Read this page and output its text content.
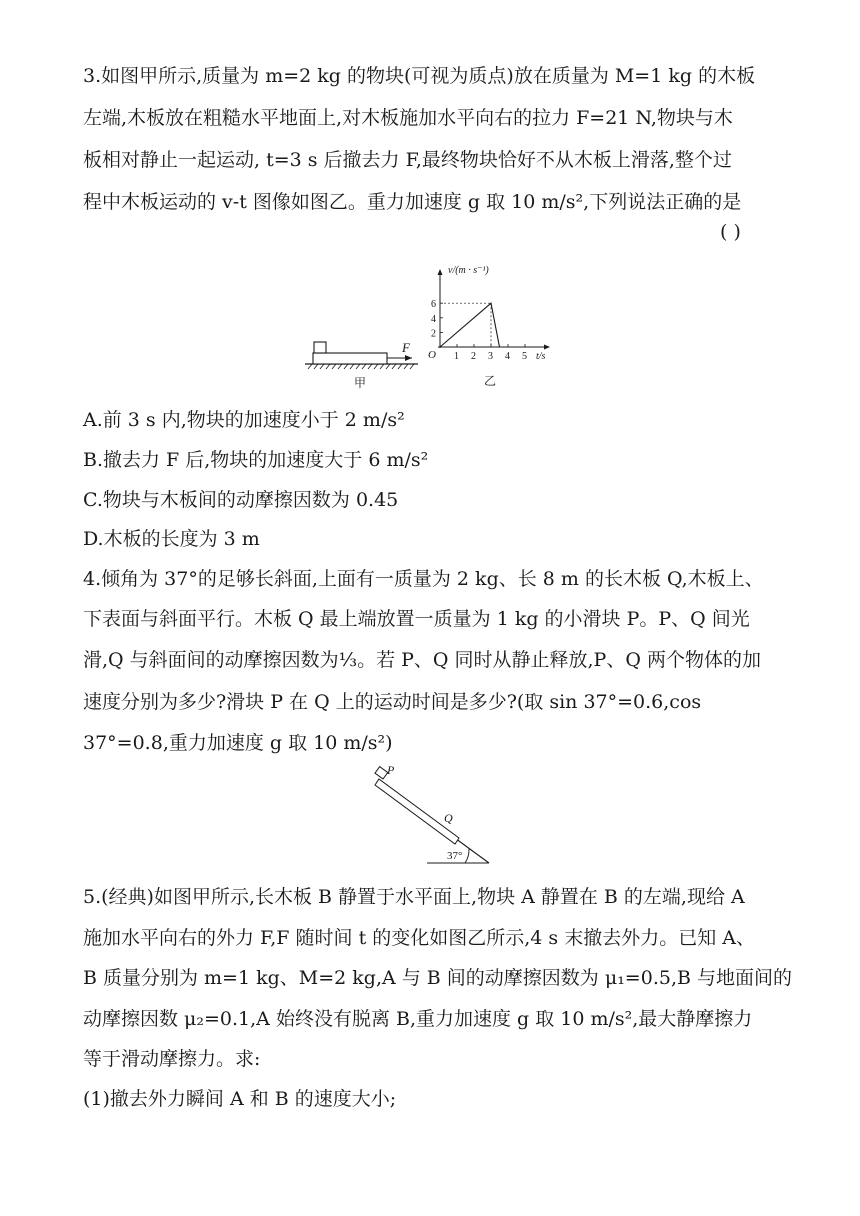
3.如图甲所示,质量为 m=2 kg 的物块(可视为质点)放在质量为 M=1 kg 的木板
左端,木板放在粗糙水平地面上,对木板施加水平向右的拉力 F=21 N,物块与木
板相对静止一起运动, t=3 s 后撤去力 F,最终物块恰好不从木板上滑落,整个过
程中木板运动的 v-t 图像如图乙。重力加速度 g 取 10 m/s²,下列说法正确的是
( )
F
甲
v/(m · s⁻¹)
O	t/s
1 2 3 4 5
2
4
6
乙
A.前 3 s 内,物块的加速度小于 2 m/s²
B.撤去力 F 后,物块的加速度大于 6 m/s²
C.物块与木板间的动摩擦因数为 0.45
D.木板的长度为 3 m
4.倾角为 37°的足够长斜面,上面有一质量为 2 kg、长 8 m 的长木板 Q,木板上、
下表面与斜面平行。木板 Q 最上端放置一质量为 1 kg 的小滑块 P。P、Q 间光
滑,Q 与斜面间的动摩擦因数为⅓。若 P、Q 同时从静止释放,P、Q 两个物体的加
速度分别为多少?滑块 P 在 Q 上的运动时间是多少?(取 sin 37°=0.6,cos
37°=0.8,重力加速度 g 取 10 m/s²)
P
Q
37°
5.(经典)如图甲所示,长木板 B 静置于水平面上,物块 A 静置在 B 的左端,现给 A
施加水平向右的外力 F,F 随时间 t 的变化如图乙所示,4 s 末撤去外力。已知 A、
B 质量分别为 m=1 kg、M=2 kg,A 与 B 间的动摩擦因数为 μ₁=0.5,B 与地面间的
动摩擦因数 μ₂=0.1,A 始终没有脱离 B,重力加速度 g 取 10 m/s²,最大静摩擦力
等于滑动摩擦力。求:
(1)撤去外力瞬间 A 和 B 的速度大小;
